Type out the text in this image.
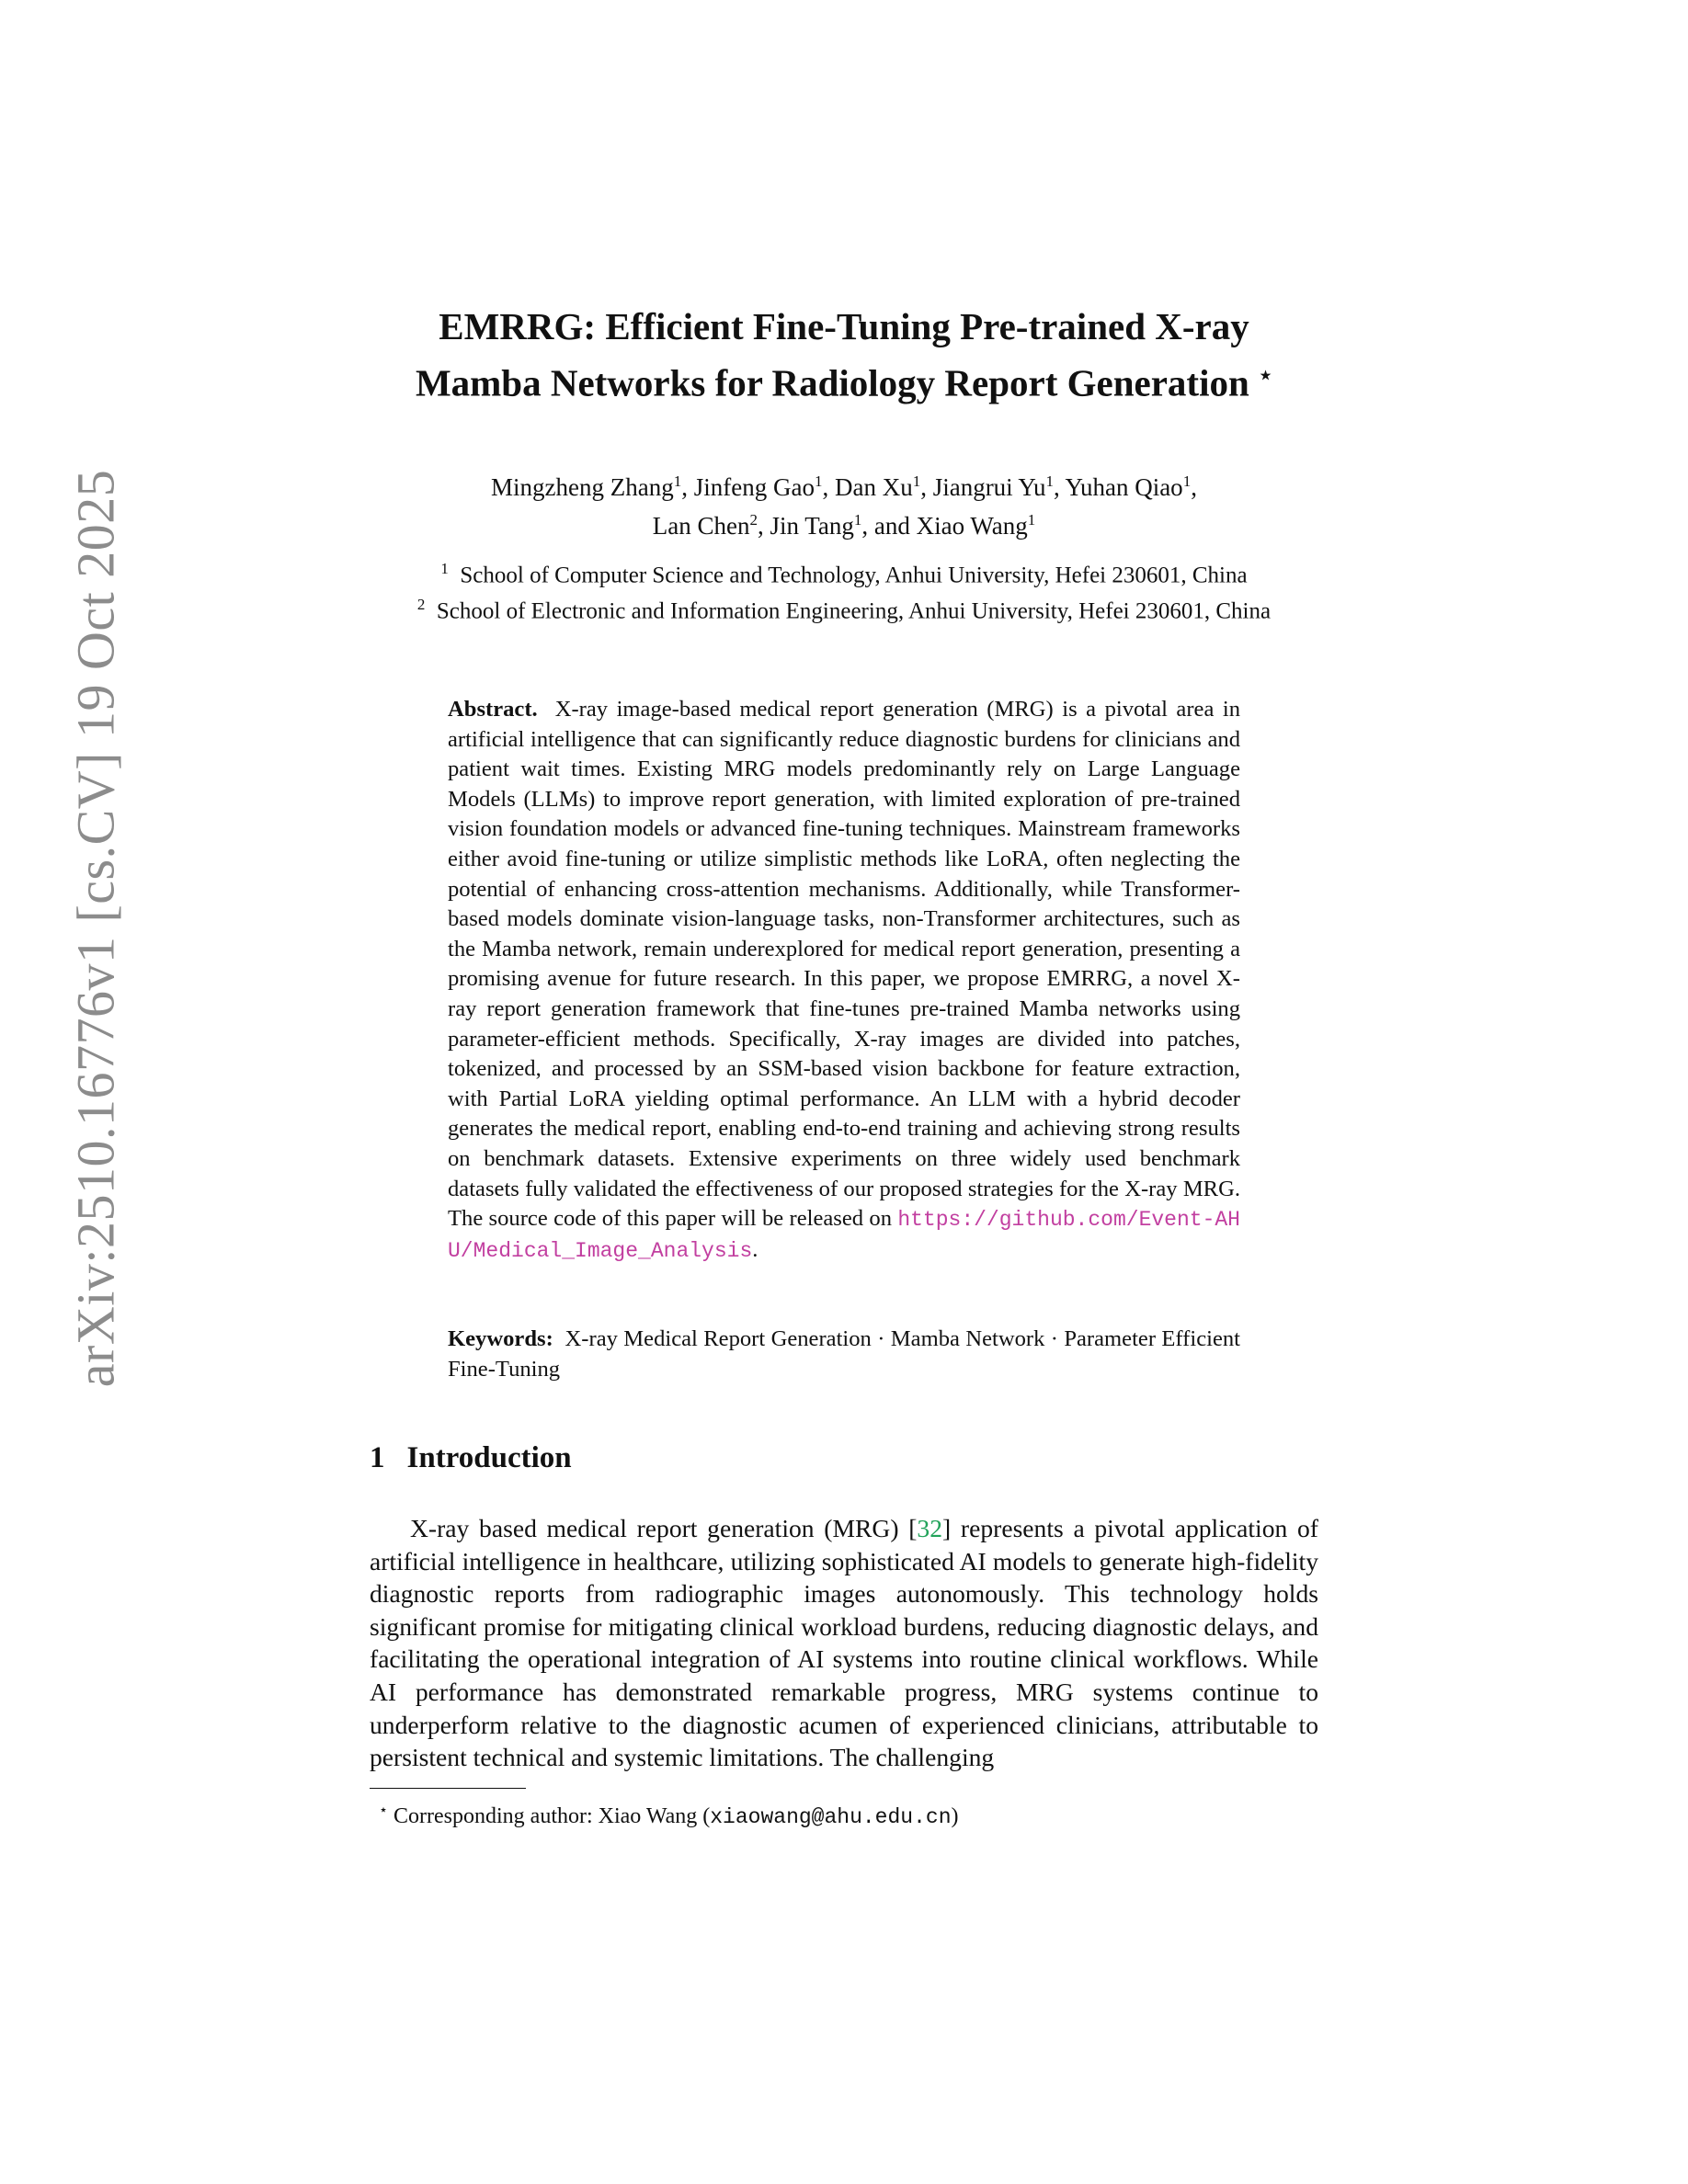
arXiv:2510.16776v1 [cs.CV] 19 Oct 2025
EMRRG: Efficient Fine-Tuning Pre-trained X-ray
Mamba Networks for Radiology Report Generation ⋆
Mingzheng Zhang$^1$, Jinfeng Gao$^1$, Dan Xu$^1$, Jiangrui Yu$^1$, Yuhan Qiao$^1$,
Lan Chen$^2$, Jin Tang$^1$, and Xiao Wang$^1$
$^1$ School of Computer Science and Technology, Anhui University, Hefei 230601, China
$^2$ School of Electronic and Information Engineering, Anhui University, Hefei 230601, China
Abstract. X-ray image-based medical report generation (MRG) is a pivotal area in artificial intelligence that can significantly reduce diagnostic burdens for clinicians and patient wait times. Existing MRG models predominantly rely on Large Language Models (LLMs) to improve report generation, with limited exploration of pre-trained vision foundation models or advanced fine-tuning techniques. Mainstream frameworks either avoid fine-tuning or utilize simplistic methods like LoRA, often neglecting the potential of enhancing cross-attention mechanisms. Additionally, while Transformer-based models dominate vision-language tasks, non-Transformer architectures, such as the Mamba network, remain underexplored for medical report generation, presenting a promising avenue for future research. In this paper, we propose EMRRG, a novel X-ray report generation framework that fine-tunes pre-trained Mamba networks using parameter-efficient methods. Specifically, X-ray images are divided into patches, tokenized, and processed by an SSM-based vision backbone for feature extraction, with Partial LoRA yielding optimal performance. An LLM with a hybrid decoder generates the medical report, enabling end-to-end training and achieving strong results on benchmark datasets. Extensive experiments on three widely used benchmark datasets fully validated the effectiveness of our proposed strategies for the X-ray MRG. The source code of this paper will be released on https://github.com/Event-AHU/Medical_Image_Analysis.
Keywords: X-ray Medical Report Generation · Mamba Network · Parameter Efficient Fine-Tuning
1 Introduction
X-ray based medical report generation (MRG) [32] represents a pivotal application of artificial intelligence in healthcare, utilizing sophisticated AI models to generate high-fidelity diagnostic reports from radiographic images autonomously. This technology holds significant promise for mitigating clinical workload burdens, reducing diagnostic delays, and facilitating the operational integration of AI systems into routine clinical workflows. While AI performance has demonstrated remarkable progress, MRG systems continue to underperform relative to the diagnostic acumen of experienced clinicians, attributable to persistent technical and systemic limitations. The challenging
⋆ Corresponding author: Xiao Wang (xiaowang@ahu.edu.cn)
